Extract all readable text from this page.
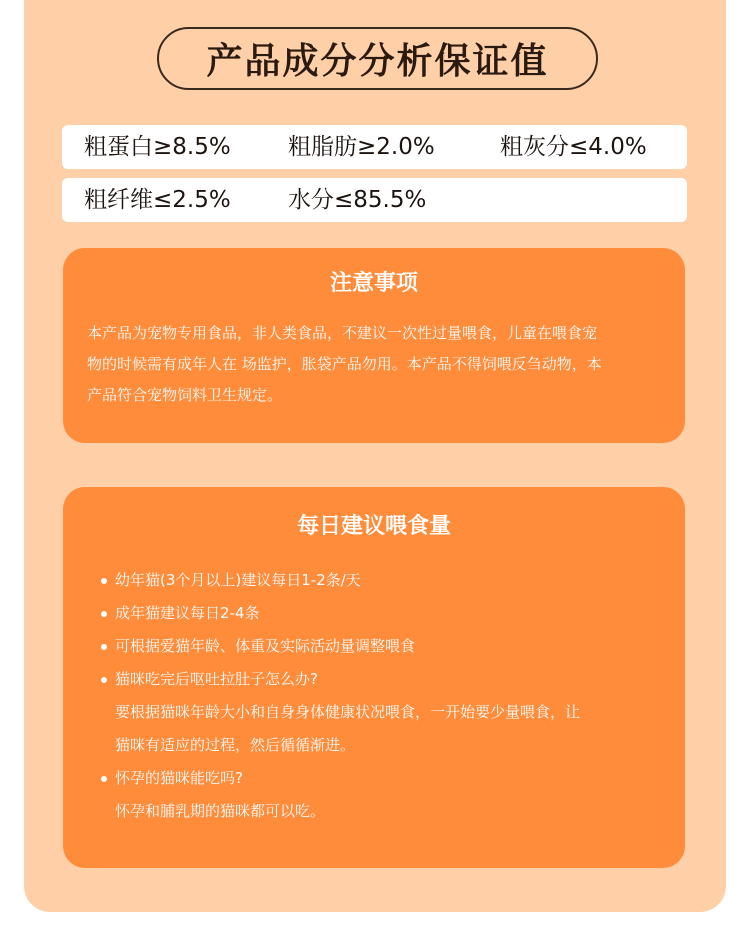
产品成分分析保证值
粗蛋白≥8.5% 粗脂肪≥2.0%	粗灰分≤4.0%
粗纤维≤2.5% 水分≤85.5%
注意事项
本产品为宠物专用食品，非人类食品，不建议一次性过量喂食，儿童在喂食宠
物的时候需有成年人在 场监护，胀袋产品勿用。本产品不得饲喂反刍动物，本
产品符合宠物饲料卫生规定。
每日建议喂食量
幼年猫(3个月以上)建议每日1-2条/天
成年猫建议每日2-4条
可根据爱猫年龄、体重及实际活动量调整喂食
猫咪吃完后呕吐拉肚子怎么办?
要根据猫咪年龄大小和自身身体健康状况喂食，一开始要少量喂食，让
猫咪有适应的过程，然后循循渐进。
怀孕的猫咪能吃吗?
怀孕和脯乳期的猫咪都可以吃。
